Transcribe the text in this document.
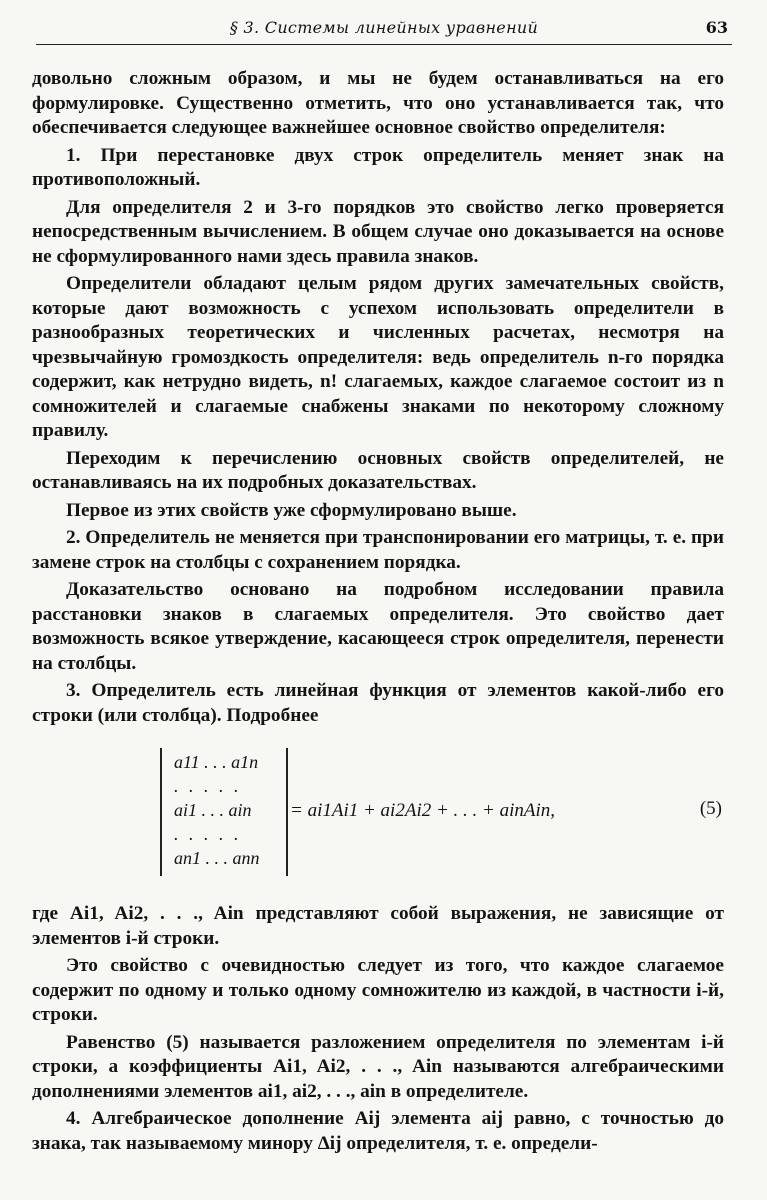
§ 3. Системы линейных уравнений	63

довольно сложным образом, и мы не будем останавливаться на его формулировке. Существенно отметить, что оно устанавливается так, что обеспечивается следующее важнейшее основное свойство определителя:

1. При перестановке двух строк определитель меняет знак на противоположный.

Для определителя 2 и 3-го порядков это свойство легко проверяется непосредственным вычислением. В общем случае оно доказывается на основе не сформулированного нами здесь правила знаков.

Определители обладают целым рядом других замечательных свойств, которые дают возможность с успехом использовать определители в разнообразных теоретических и численных расчетах, несмотря на чрезвычайную громоздкость определителя: ведь определитель n-го порядка содержит, как нетрудно видеть, n! слагаемых, каждое слагаемое состоит из n сомножителей и слагаемые снабжены знаками по некоторому сложному правилу.

Переходим к перечислению основных свойств определителей, не останавливаясь на их подробных доказательствах.

Первое из этих свойств уже сформулировано выше.

2. Определитель не меняется при транспонировании его матрицы, т. е. при замене строк на столбцы с сохранением порядка.

Доказательство основано на подробном исследовании правила расстановки знаков в слагаемых определителя. Это свойство дает возможность всякое утверждение, касающееся строк определителя, перенести на столбцы.

3. Определитель есть линейная функция от элементов какой-либо его строки (или столбца). Подробнее

a11 . . . a1n
. . . . .
ai1 . . . ain
. . . . .
an1 . . . ann
= ai1Ai1 + ai2Ai2 + . . . + ainAin,	(5)

где Ai1, Ai2, . . ., Ain представляют собой выражения, не зависящие от элементов i-й строки.

Это свойство с очевидностью следует из того, что каждое слагаемое содержит по одному и только одному сомножителю из каждой, в частности i-й, строки.

Равенство (5) называется разложением определителя по элементам i-й строки, а коэффициенты Ai1, Ai2, . . ., Ain называются алгебраическими дополнениями элементов ai1, ai2, . . ., ain в определителе.

4. Алгебраическое дополнение Aij элемента aij равно, с точностью до знака, так называемому минору Δij определителя, т. е. определи-
